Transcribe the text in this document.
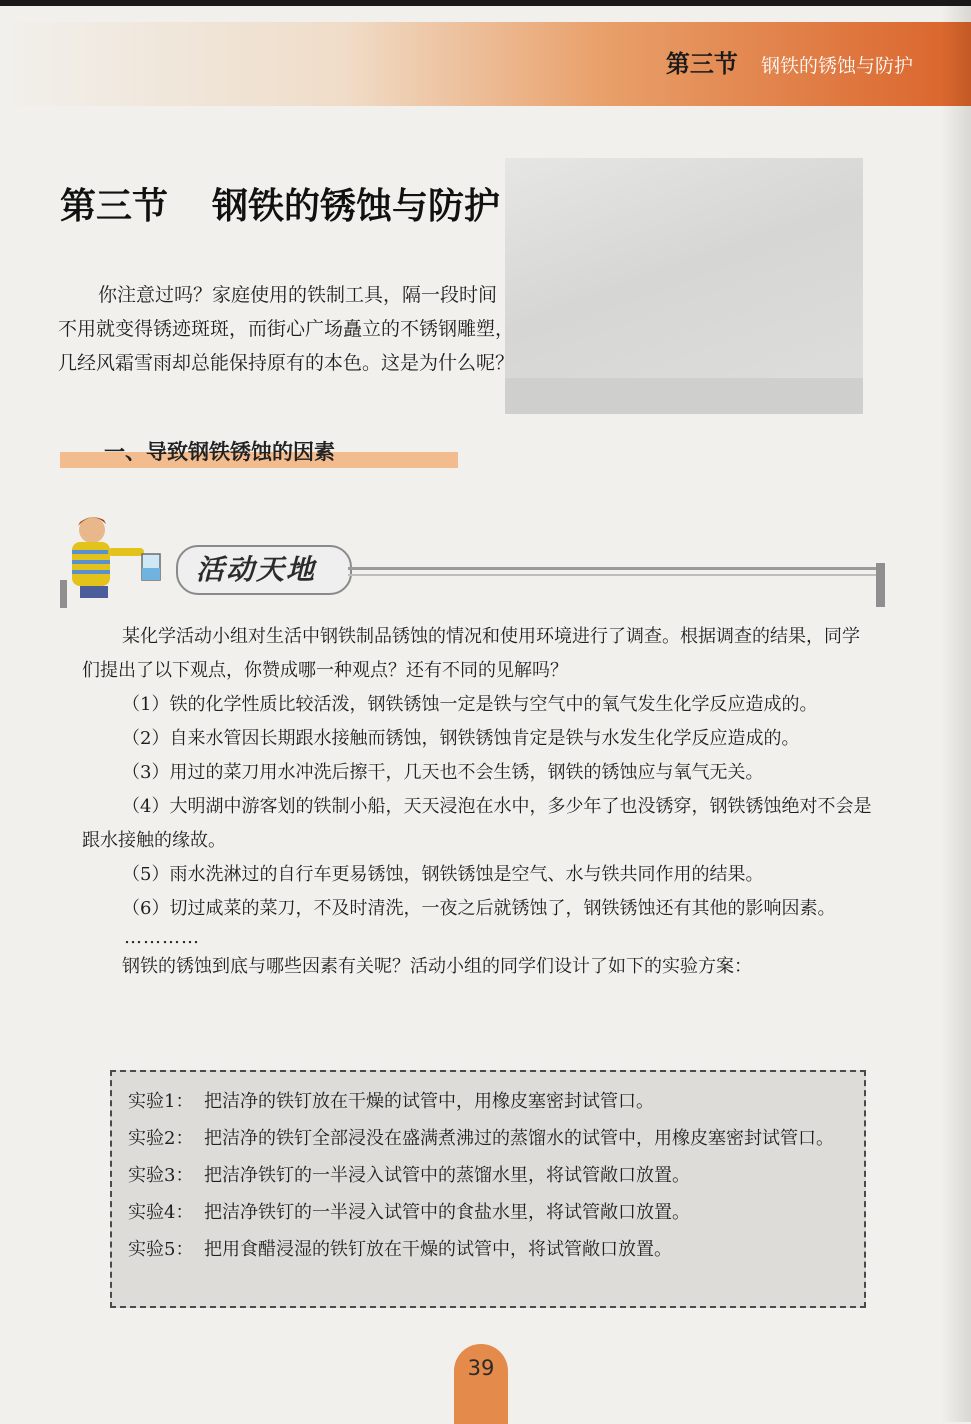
第三节 钢铁的锈蚀与防护
第三节 钢铁的锈蚀与防护

你注意过吗？家庭使用的铁制工具，隔一段时间

不用就变得锈迹斑斑，而街心广场矗立的不锈钢雕塑，

几经风霜雪雨却总能保持原有的本色。这是为什么呢？

一、导致钢铁锈蚀的因素
活动天地

某化学活动小组对生活中钢铁制品锈蚀的情况和使用环境进行了调查。根据调查的结果，同学们提出了以下观点，你赞成哪一种观点？还有不同的见解吗？

（1）铁的化学性质比较活泼，钢铁锈蚀一定是铁与空气中的氧气发生化学反应造成的。

（2）自来水管因长期跟水接触而锈蚀，钢铁锈蚀肯定是铁与水发生化学反应造成的。

（3）用过的菜刀用水冲洗后擦干，几天也不会生锈，钢铁的锈蚀应与氧气无关。

（4）大明湖中游客划的铁制小船，天天浸泡在水中，多少年了也没锈穿，钢铁锈蚀绝对不会是跟水接触的缘故。

（5）雨水洗淋过的自行车更易锈蚀，钢铁锈蚀是空气、水与铁共同作用的结果。

（6）切过咸菜的菜刀，不及时清洗，一夜之后就锈蚀了，钢铁锈蚀还有其他的影响因素。

…………

钢铁的锈蚀到底与哪些因素有关呢？活动小组的同学们设计了如下的实验方案：

实验1： 把洁净的铁钉放在干燥的试管中，用橡皮塞密封试管口。
实验2： 把洁净的铁钉全部浸没在盛满煮沸过的蒸馏水的试管中，用橡皮塞密封试管口。
实验3： 把洁净铁钉的一半浸入试管中的蒸馏水里，将试管敞口放置。
实验4： 把洁净铁钉的一半浸入试管中的食盐水里，将试管敞口放置。
实验5： 把用食醋浸湿的铁钉放在干燥的试管中，将试管敞口放置。
39
